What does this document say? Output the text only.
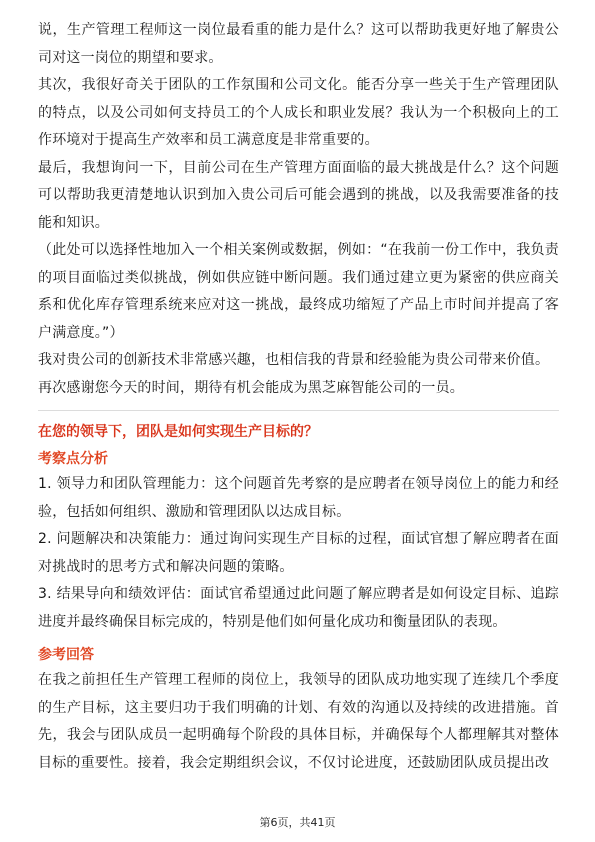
说，生产管理工程师这一岗位最看重的能力是什么？这可以帮助我更好地了解贵公司对这一岗位的期望和要求。

其次，我很好奇关于团队的工作氛围和公司文化。能否分享一些关于生产管理团队的特点，以及公司如何支持员工的个人成长和职业发展？我认为一个积极向上的工作环境对于提高生产效率和员工满意度是非常重要的。

最后，我想询问一下，目前公司在生产管理方面面临的最大挑战是什么？这个问题可以帮助我更清楚地认识到加入贵公司后可能会遇到的挑战，以及我需要准备的技能和知识。

（此处可以选择性地加入一个相关案例或数据，例如：“在我前一份工作中，我负责的项目面临过类似挑战，例如供应链中断问题。我们通过建立更为紧密的供应商关系和优化库存管理系统来应对这一挑战，最终成功缩短了产品上市时间并提高了客户满意度。”）

我对贵公司的创新技术非常感兴趣，也相信我的背景和经验能为贵公司带来价值。

再次感谢您今天的时间，期待有机会能成为黑芝麻智能公司的一员。

在您的领导下，团队是如何实现生产目标的？
考察点分析

1. 领导力和团队管理能力：这个问题首先考察的是应聘者在领导岗位上的能力和经验，包括如何组织、激励和管理团队以达成目标。

2. 问题解决和决策能力：通过询问实现生产目标的过程，面试官想了解应聘者在面对挑战时的思考方式和解决问题的策略。

3. 结果导向和绩效评估：面试官希望通过此问题了解应聘者是如何设定目标、追踪进度并最终确保目标完成的，特别是他们如何量化成功和衡量团队的表现。

参考回答

在我之前担任生产管理工程师的岗位上，我领导的团队成功地实现了连续几个季度的生产目标，这主要归功于我们明确的计划、有效的沟通以及持续的改进措施。首先，我会与团队成员一起明确每个阶段的具体目标，并确保每个人都理解其对整体目标的重要性。接着，我会定期组织会议，不仅讨论进度，还鼓励团队成员提出改

第6页，共41页
